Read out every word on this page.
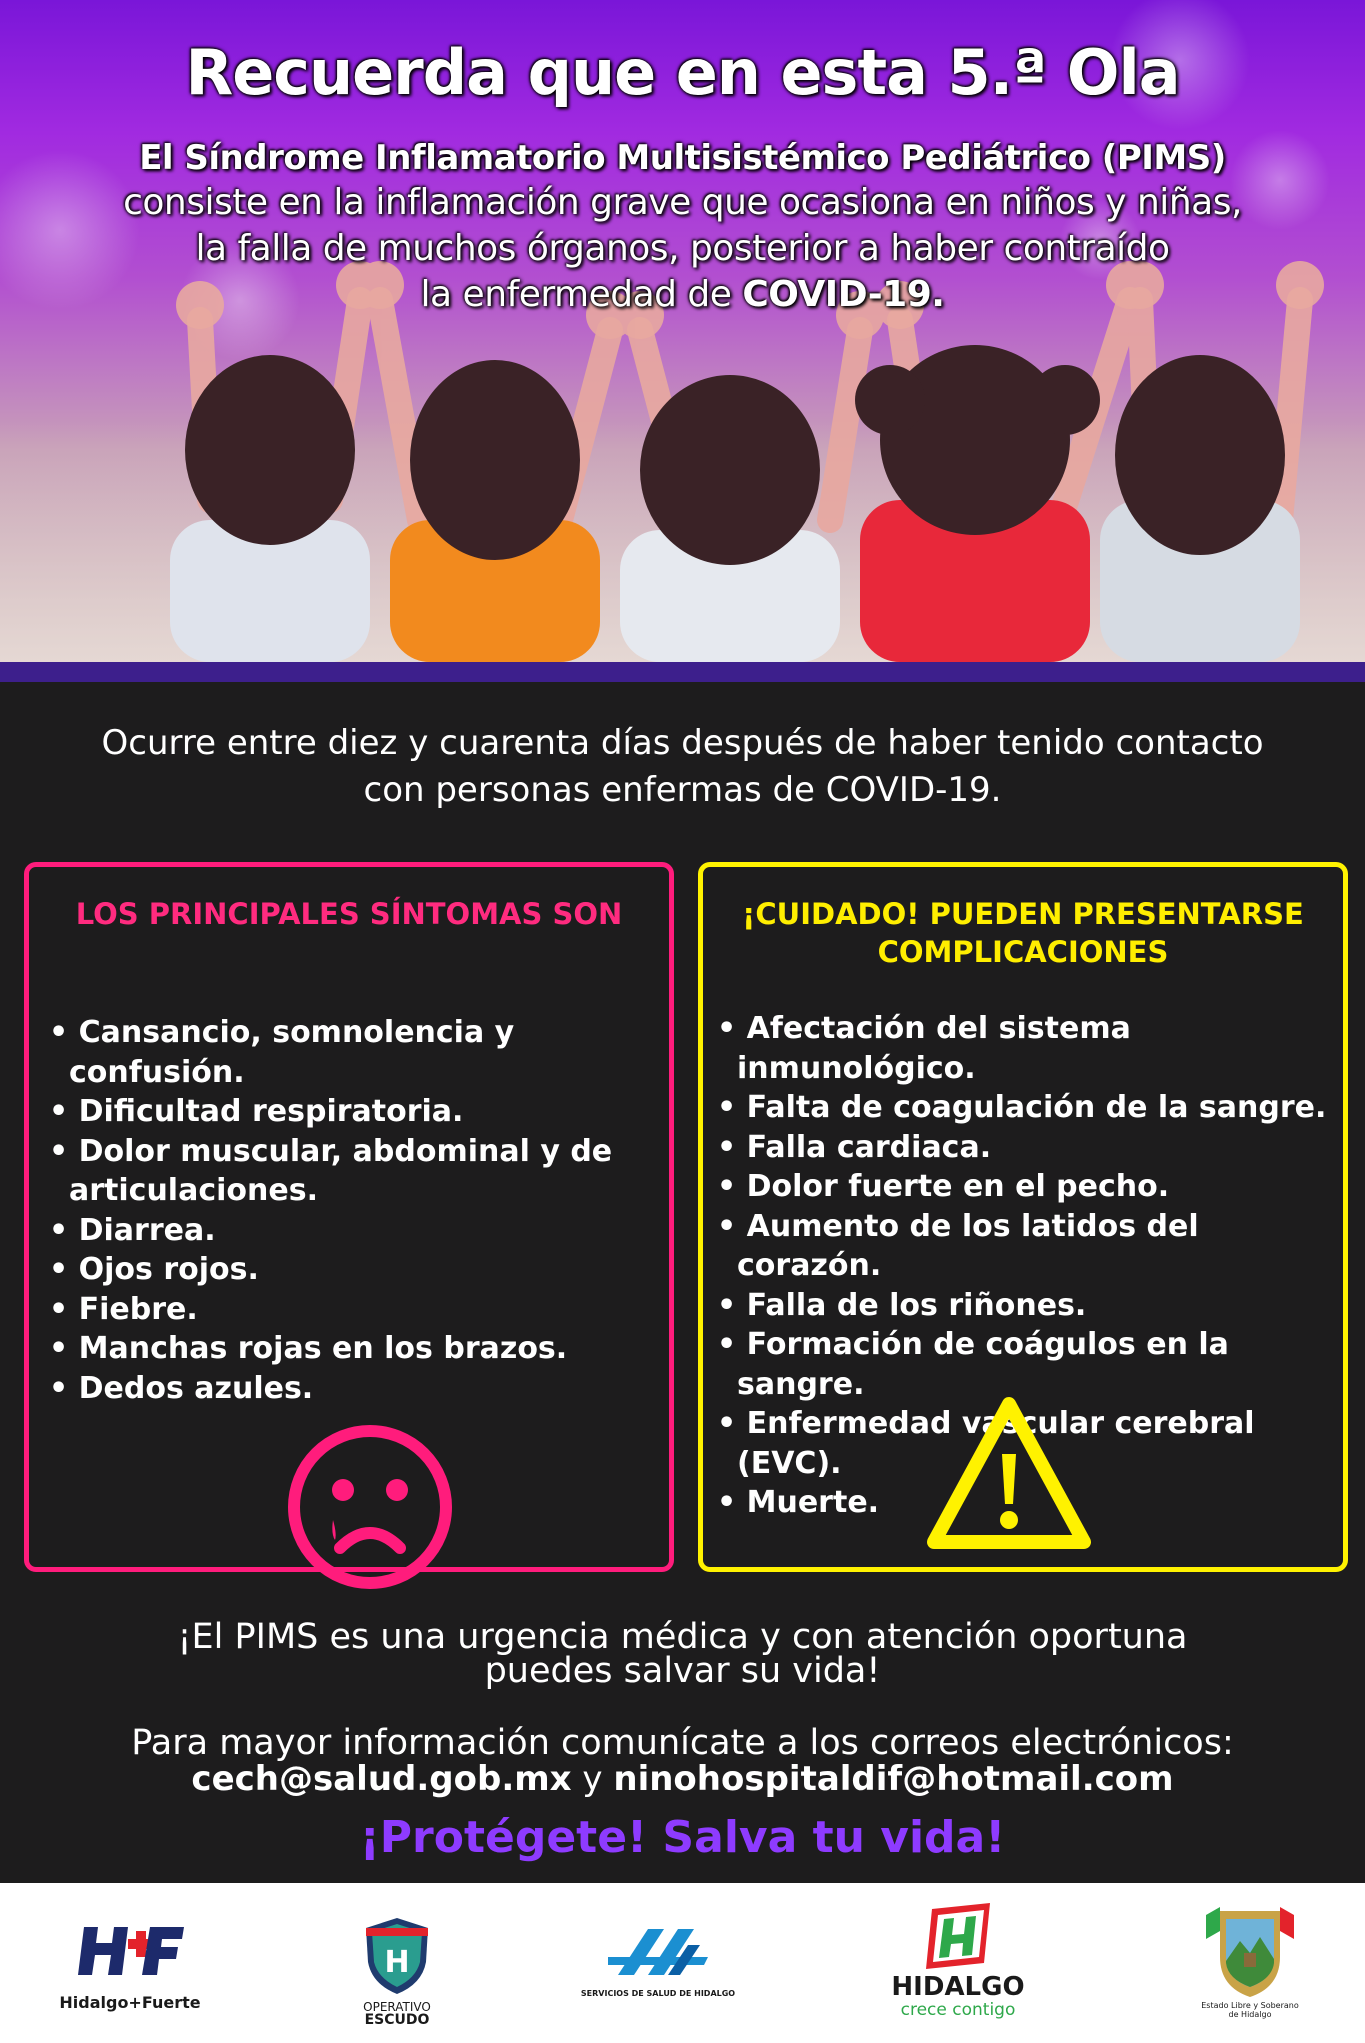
Recuerda que en esta 5.ª Ola
El Síndrome Inflamatorio Multisistémico Pediátrico (PIMS)
consiste en la inflamación grave que ocasiona en niños y niñas,
la falla de muchos órganos, posterior a haber contraído
la enfermedad de COVID-19.
Ocurre entre diez y cuarenta días después de haber tenido contacto
con personas enfermas de COVID-19.
LOS PRINCIPALES SÍNTOMAS SON
• Cansancio, somnolencia y confusión.
• Dificultad respiratoria.
• Dolor muscular, abdominal y de articulaciones.
• Diarrea.
• Ojos rojos.
• Fiebre.
• Manchas rojas en los brazos.
• Dedos azules.
¡CUIDADO! PUEDEN PRESENTARSE
COMPLICACIONES
• Afectación del sistema inmunológico.
• Falta de coagulación de la sangre.
• Falla cardiaca.
• Dolor fuerte en el pecho.
• Aumento de los latidos del corazón.
• Falla de los riñones.
• Formación de coágulos en la sangre.
• Enfermedad vascular cerebral (EVC).
• Muerte.
¡El PIMS es una urgencia médica y con atención oportuna
puedes salvar su vida!
Para mayor información comunícate a los correos electrónicos:
cech@salud.gob.mx y ninohospitaldif@hotmail.com
¡Protégete! Salva tu vida!
Hidalgo+Fuerte
H
OPERATIVO
ESCUDO
SERVICIOS DE SALUD DE HIDALGO	HIDALGO
crece contigo	Estado Libre y Soberano
de Hidalgo
